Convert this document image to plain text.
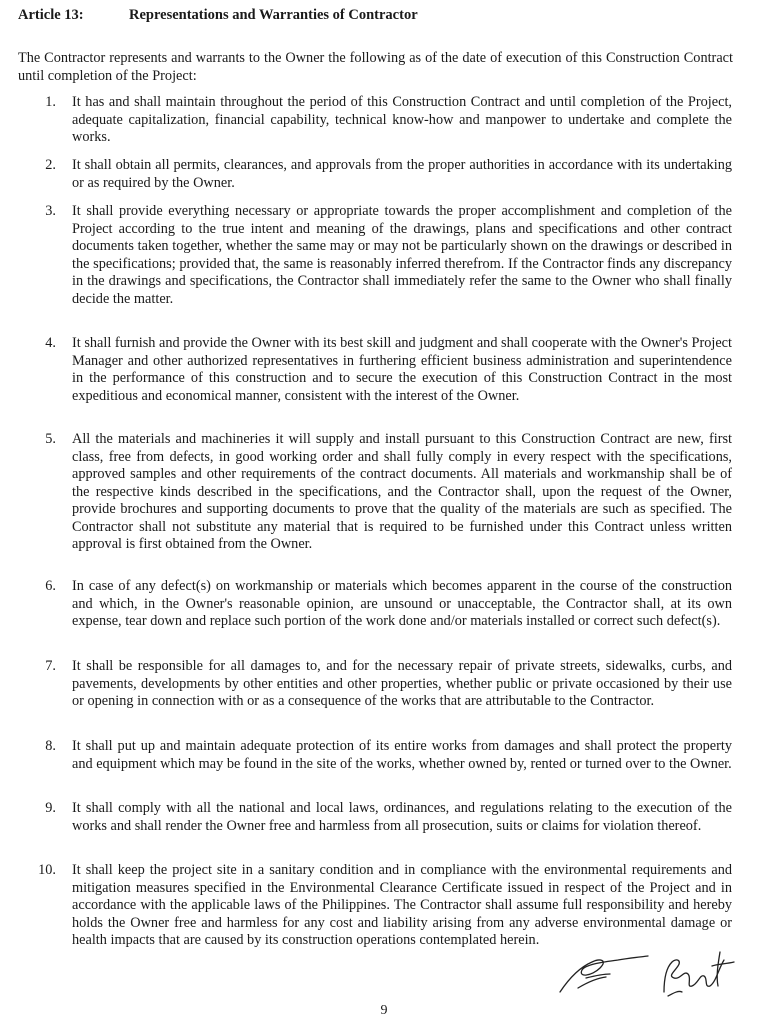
Article 13:	Representations and Warranties of Contractor
The Contractor represents and warrants to the Owner the following as of the date of execution of this Construction Contract until completion of the Project:
1. It has and shall maintain throughout the period of this Construction Contract and until completion of the Project, adequate capitalization, financial capability, technical know-how and manpower to undertake and complete the works.
2. It shall obtain all permits, clearances, and approvals from the proper authorities in accordance with its undertaking or as required by the Owner.
3. It shall provide everything necessary or appropriate towards the proper accomplishment and completion of the Project according to the true intent and meaning of the drawings, plans and specifications and other contract documents taken together, whether the same may or may not be particularly shown on the drawings or described in the specifications; provided that, the same is reasonably inferred therefrom. If the Contractor finds any discrepancy in the drawings and specifications, the Contractor shall immediately refer the same to the Owner who shall finally decide the matter.
4. It shall furnish and provide the Owner with its best skill and judgment and shall cooperate with the Owner's Project Manager and other authorized representatives in furthering efficient business administration and superintendence in the performance of this construction and to secure the execution of this Construction Contract in the most expeditious and economical manner, consistent with the interest of the Owner.
5. All the materials and machineries it will supply and install pursuant to this Construction Contract are new, first class, free from defects, in good working order and shall fully comply in every respect with the specifications, approved samples and other requirements of the contract documents. All materials and workmanship shall be of the respective kinds described in the specifications, and the Contractor shall, upon the request of the Owner, provide brochures and supporting documents to prove that the quality of the materials are such as specified. The Contractor shall not substitute any material that is required to be furnished under this Contract unless written approval is first obtained from the Owner.
6. In case of any defect(s) on workmanship or materials which becomes apparent in the course of the construction and which, in the Owner's reasonable opinion, are unsound or unacceptable, the Contractor shall, at its own expense, tear down and replace such portion of the work done and/or materials installed or correct such defect(s).
7. It shall be responsible for all damages to, and for the necessary repair of private streets, sidewalks, curbs, and pavements, developments by other entities and other properties, whether public or private occasioned by their use or opening in connection with or as a consequence of the works that are attributable to the Contractor.
8. It shall put up and maintain adequate protection of its entire works from damages and shall protect the property and equipment which may be found in the site of the works, whether owned by, rented or turned over to the Owner.
9. It shall comply with all the national and local laws, ordinances, and regulations relating to the execution of the works and shall render the Owner free and harmless from all prosecution, suits or claims for violation thereof.
10. It shall keep the project site in a sanitary condition and in compliance with the environmental requirements and mitigation measures specified in the Environmental Clearance Certificate issued in respect of the Project and in accordance with the applicable laws of the Philippines. The Contractor shall assume full responsibility and hereby holds the Owner free and harmless for any cost and liability arising from any adverse environmental damage or health impacts that are caused by its construction operations contemplated herein.
9
